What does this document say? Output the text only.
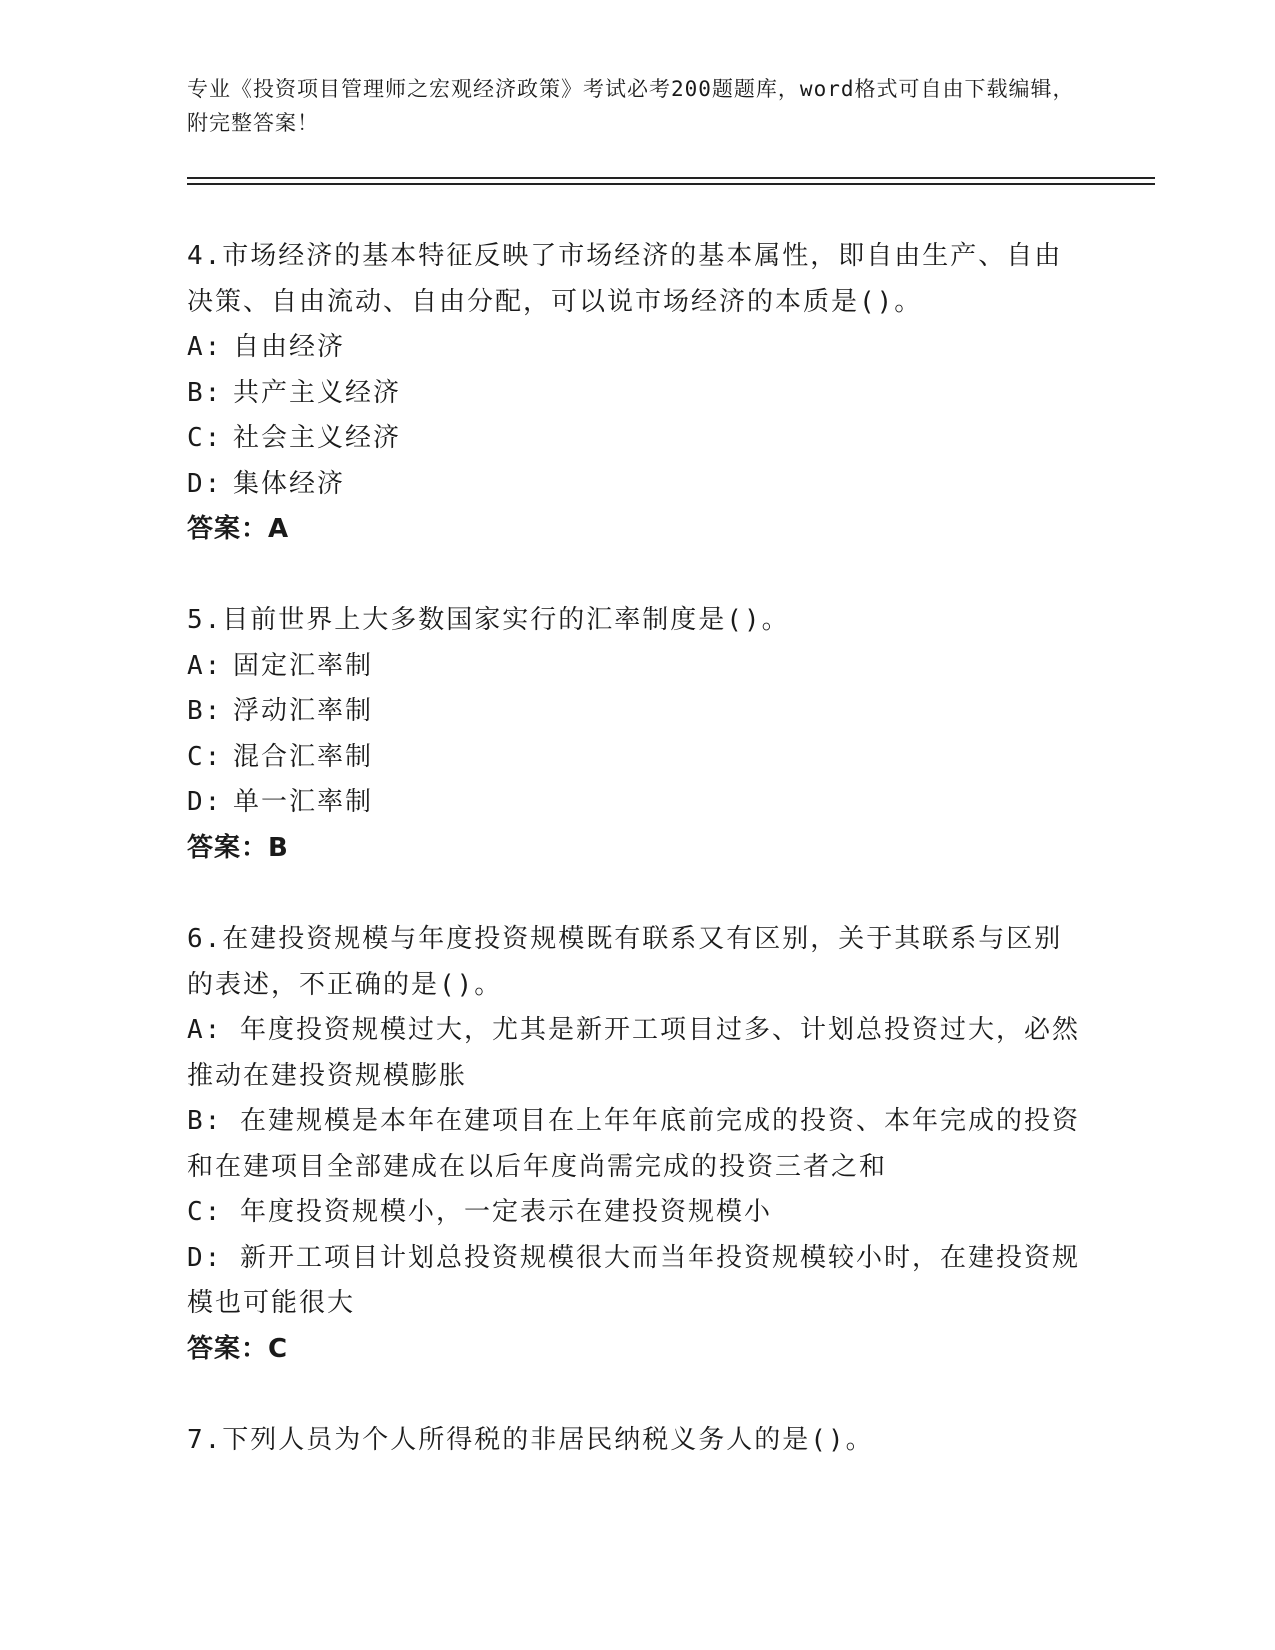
专业《投资项目管理师之宏观经济政策》考试必考200题题库，word格式可自由下载编辑，附完整答案！

4.市场经济的基本特征反映了市场经济的基本属性，即自由生产、自由决策、自由流动、自由分配，可以说市场经济的本质是()。

A: 自由经济

B: 共产主义经济

C: 社会主义经济

D: 集体经济

答案：A

5.目前世界上大多数国家实行的汇率制度是()。

A: 固定汇率制

B: 浮动汇率制

C: 混合汇率制

D: 单一汇率制

答案：B

6.在建投资规模与年度投资规模既有联系又有区别，关于其联系与区别的表述，不正确的是()。

A: 年度投资规模过大，尤其是新开工项目过多、计划总投资过大，必然推动在建投资规模膨胀

B: 在建规模是本年在建项目在上年年底前完成的投资、本年完成的投资和在建项目全部建成在以后年度尚需完成的投资三者之和

C: 年度投资规模小，一定表示在建投资规模小

D: 新开工项目计划总投资规模很大而当年投资规模较小时，在建投资规模也可能很大

答案：C

7.下列人员为个人所得税的非居民纳税义务人的是()。
